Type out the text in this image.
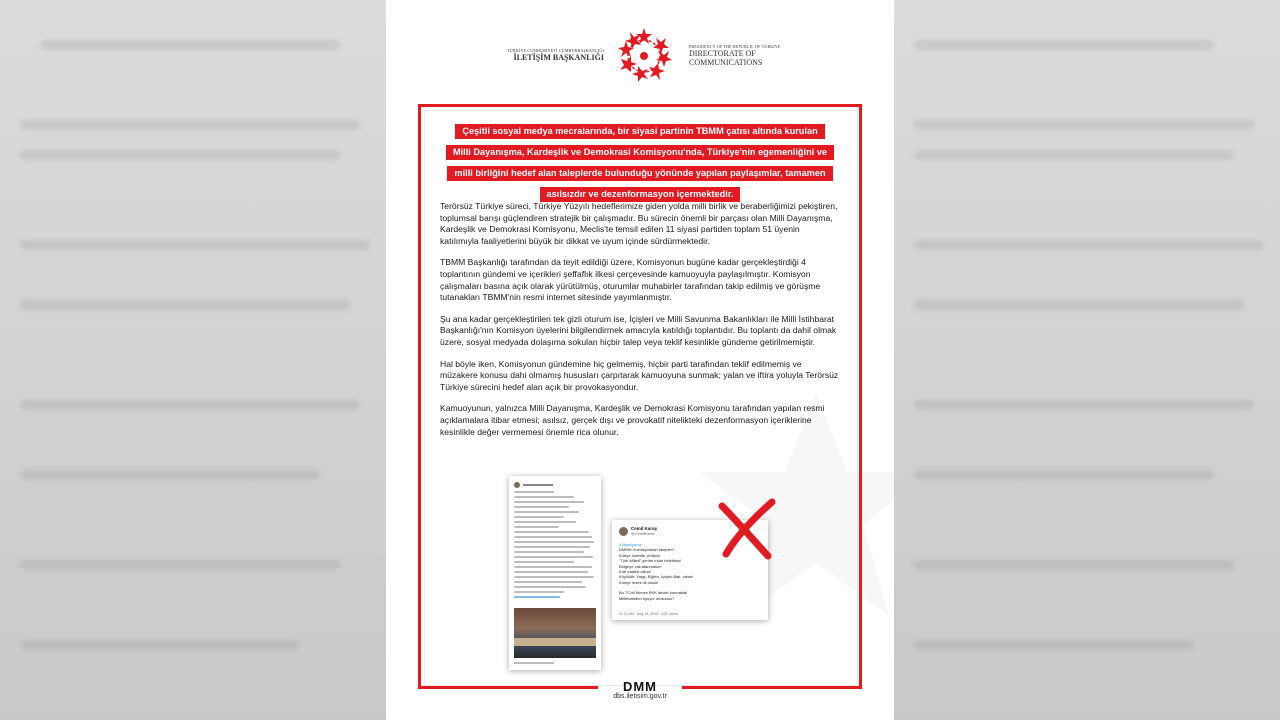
TÜRKİYE CUMHURİYETİ CUMHURBAŞKANLIĞI
İLETİŞİM BAŞKANLIĞI
PRESIDENCY OF THE REPUBLIC OF TÜRKİYE
DIRECTORATE OF
COMMUNICATIONS
Çeşitli sosyal medya mecralarında, bir siyasi partinin TBMM çatısı altında kurulan
Milli Dayanışma, Kardeşlik ve Demokrasi Komisyonu'nda, Türkiye'nin egemenliğini ve
milli birliğini hedef alan taleplerde bulunduğu yönünde yapılan paylaşımlar, tamamen
asılsızdır ve dezenformasyon içermektedir.

Terörsüz Türkiye süreci, Türkiye Yüzyılı hedeflerimize giden yolda milli birlik ve beraberliğimizi pekiştiren, toplumsal barışı güçlendiren stratejik bir çalışmadır. Bu sürecin önemli bir parçası olan Milli Dayanışma, Kardeşlik ve Demokrasi Komisyonu, Meclis'te temsil edilen 11 siyasi partiden toplam 51 üyenin katılımıyla faaliyetlerini büyük bir dikkat ve uyum içinde sürdürmektedir.

TBMM Başkanlığı tarafından da teyit edildiği üzere, Komisyonun bugüne kadar gerçekleştirdiği 4 toplantının gündemi ve içerikleri şeffaflık ilkesi çerçevesinde kamuoyuyla paylaşılmıştır. Komisyon çalışmaları basına açık olarak yürütülmüş, oturumlar muhabirler tarafından takip edilmiş ve görüşme tutanakları TBMM'nin resmi internet sitesinde yayımlanmıştır.

Şu ana kadar gerçekleştirilen tek gizli oturum ise, İçişleri ve Milli Savunma Bakanlıkları ile Milli İstihbarat Başkanlığı'nın Komisyon üyelerini bilgilendirmek amacıyla katıldığı toplantıdır. Bu toplantı da dahil olmak üzere, sosyal medyada dolaşıma sokulan hiçbir talep veya teklif kesinlikle gündeme getirilmemiştir.

Hal böyle iken, Komisyonun gündemine hiç gelmemiş, hiçbir parti tarafından teklif edilmemiş ve müzakere konusu dahi olmamış hususları çarpıtarak kamuoyuna sunmak; yalan ve iftira yoluyla Terörsüz Türkiye sürecini hedef alan açık bir provokasyondur.

Kamuoyunun, yalnızca Milli Dayanışma, Kardeşlik ve Demokrasi Komisyonu tarafından yapılan resmi açıklamalara itibar etmesi; asılsız, gerçek dışı ve provokatif nitelikteki dezenformasyon içeriklerine kesinlikle değer vermemesi önemle rica olunur.

Cemil Karaş
@CemilKaras
Yükseliyoruz
DMM'in Komisyondan talepleri :
Kürtçe özerklik verilsin!
"Türk Milleti" yerine ırklar belirtilsin!
Bölgeye vali atanmasın!
Kürt iradesi olsun!
Köylülük: Yargı, Eğitim, İçişleri Bak. olsun!
Kürtçe resmi dil olsun!
Bu TC'nil bilmek PKK devlet kurmakta!
Milletvekilleri uyuyor musunuz?
11:10 AM · Aug 18, 2025 · 828 Views
DMM
dbs.iletisim.gov.tr
